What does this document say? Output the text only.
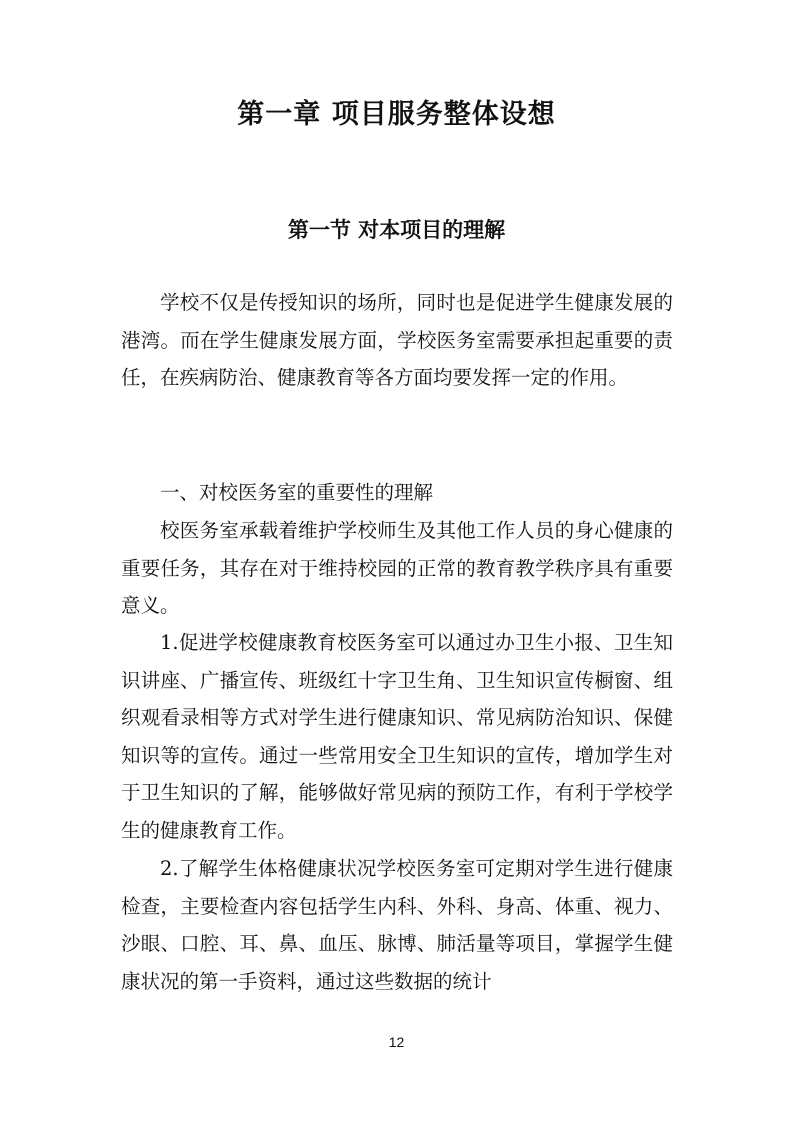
第一章 项目服务整体设想
第一节 对本项目的理解

学校不仅是传授知识的场所，同时也是促进学生健康发展的港湾。而在学生健康发展方面，学校医务室需要承担起重要的责任，在疾病防治、健康教育等各方面均要发挥一定的作用。

一、对校医务室的重要性的理解

校医务室承载着维护学校师生及其他工作人员的身心健康的重要任务，其存在对于维持校园的正常的教育教学秩序具有重要意义。

1.促进学校健康教育校医务室可以通过办卫生小报、卫生知识讲座、广播宣传、班级红十字卫生角、卫生知识宣传橱窗、组织观看录相等方式对学生进行健康知识、常见病防治知识、保健知识等的宣传。通过一些常用安全卫生知识的宣传，增加学生对于卫生知识的了解，能够做好常见病的预防工作，有利于学校学生的健康教育工作。

2.了解学生体格健康状况学校医务室可定期对学生进行健康检查，主要检查内容包括学生内科、外科、身高、体重、视力、沙眼、口腔、耳、鼻、血压、脉博、肺活量等项目，掌握学生健康状况的第一手资料，通过这些数据的统计

12
